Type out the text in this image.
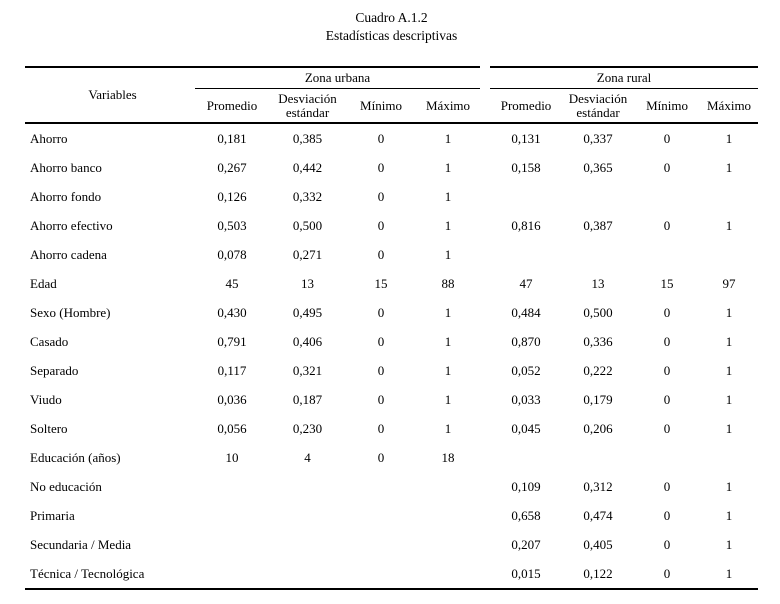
Cuadro A.1.2
Estadísticas descriptivas
Variables	Zona urbana					Zona rural			
	Promedio	Desviación estándar	Mínimo	Máximo		Promedio	Desviación estándar	Mínimo	Máximo
Ahorro	0,181	0,385	0	1		0,131	0,337	0	1
Ahorro banco	0,267	0,442	0	1		0,158	0,365	0	1
Ahorro fondo	0,126	0,332	0	1					
Ahorro efectivo	0,503	0,500	0	1		0,816	0,387	0	1
Ahorro cadena	0,078	0,271	0	1					
Edad	45	13	15	88		47	13	15	97
Sexo (Hombre)	0,430	0,495	0	1		0,484	0,500	0	1
Casado	0,791	0,406	0	1		0,870	0,336	0	1
Separado	0,117	0,321	0	1		0,052	0,222	0	1
Viudo	0,036	0,187	0	1		0,033	0,179	0	1
Soltero	0,056	0,230	0	1		0,045	0,206	0	1
Educación (años)	10	4	0	18					
No educación						0,109	0,312	0	1
Primaria						0,658	0,474	0	1
Secundaria / Media						0,207	0,405	0	1
Técnica / Tecnológica						0,015	0,122	0	1
